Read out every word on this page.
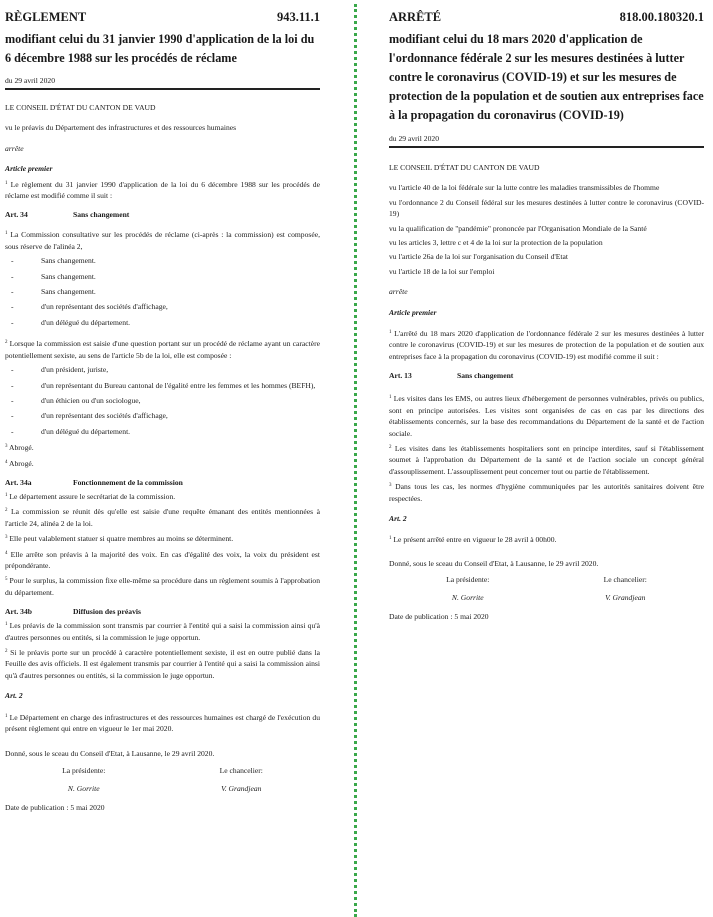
RÈGLEMENT	943.11.1
modifiant celui du 31 janvier 1990 d'application de la loi du 6 décembre 1988 sur les procédés de réclame
du 29 avril 2020
LE CONSEIL D'ÉTAT DU CANTON DE VAUD
vu le préavis du Département des infrastructures et des ressources humaines
arrête
Article premier
$^1$ Le règlement du 31 janvier 1990 d'application de la loi du 6 décembre 1988 sur les procédés de réclame est modifié comme il suit :
Art. 34	Sans changement
$^1$ La Commission consultative sur les procédés de réclame (ci-après : la commission) est composée, sous réserve de l'alinéa 2,
-	Sans changement.
-	Sans changement.
-	Sans changement.
-	d'un représentant des sociétés d'affichage,
-	d'un délégué du département.
$^2$ Lorsque la commission est saisie d'une question portant sur un procédé de réclame ayant un caractère potentiellement sexiste, au sens de l'article 5b de la loi, elle est composée :
-	d'un président, juriste,
-	d'un représentant du Bureau cantonal de l'égalité entre les femmes et les hommes (BEFH),
-	d'un éthicien ou d'un sociologue,
-	d'un représentant des sociétés d'affichage,
-	d'un délégué du département.
$^3$ Abrogé.
$^4$ Abrogé.
Art. 34a	Fonctionnement de la commission
$^1$ Le département assure le secrétariat de la commission.
$^2$ La commission se réunit dès qu'elle est saisie d'une requête émanant des entités mentionnées à l'article 24, alinéa 2 de la loi.
$^3$ Elle peut valablement statuer si quatre membres au moins se déterminent.
$^4$ Elle arrête son préavis à la majorité des voix. En cas d'égalité des voix, la voix du président est prépondérante.
$^5$ Pour le surplus, la commission fixe elle-même sa procédure dans un règlement soumis à l'approbation du département.
Art. 34b	Diffusion des préavis
$^1$ Les préavis de la commission sont transmis par courrier à l'entité qui a saisi la commission ainsi qu'à d'autres personnes ou entités, si la commission le juge opportun.
$^2$ Si le préavis porte sur un procédé à caractère potentiellement sexiste, il est en outre publié dans la Feuille des avis officiels. Il est également transmis par courrier à l'entité qui a saisi la commission ainsi qu'à d'autres personnes ou entités, si la commission le juge opportun.
Art. 2
$^1$ Le Département en charge des infrastructures et des ressources humaines est chargé de l'exécution du présent règlement qui entre en vigueur le 1er mai 2020.
Donné, sous le sceau du Conseil d'Etat, à Lausanne, le 29 avril 2020.
La présidente:
N. Gorrite
Le chancelier:
V. Grandjean
Date de publication : 5 mai 2020
ARRÊTÉ	818.00.180320.1
modifiant celui du 18 mars 2020 d'application de l'ordonnance fédérale 2 sur les mesures destinées à lutter contre le coronavirus (COVID-19) et sur les mesures de protection de la population et de soutien aux entreprises face à la propagation du coronavirus (COVID-19)
du 29 avril 2020
LE CONSEIL D'ÉTAT DU CANTON DE VAUD
vu l'article 40 de la loi fédérale sur la lutte contre les maladies transmissibles de l'homme
vu l'ordonnance 2 du Conseil fédéral sur les mesures destinées à lutter contre le coronavirus (COVID- 19)
vu la qualification de "pandémie" prononcée par l'Organisation Mondiale de la Santé
vu les articles 3, lettre c et 4 de la loi sur la protection de la population
vu l'article 26a de la loi sur l'organisation du Conseil d'Etat
vu l'article 18 de la loi sur l'emploi
arrête
Article premier
$^1$ L'arrêté du 18 mars 2020 d'application de l'ordonnance fédérale 2 sur les mesures destinées à lutter contre le coronavirus (COVID-19) et sur les mesures de protection de la population et de soutien aux entreprises face à la propagation du coronavirus (COVID-19) est modifié comme il suit :
Art. 13	Sans changement
$^1$ Les visites dans les EMS, ou autres lieux d'hébergement de personnes vulnérables, privés ou publics, sont en principe autorisées. Les visites sont organisées de cas en cas par les directions des établissements concernés, sur la base des recommandations du Département de la santé et de l'action sociale.
$^2$ Les visites dans les établissements hospitaliers sont en principe interdites, sauf si l'établissement soumet à l'approbation du Département de la santé et de l'action sociale un concept général d'assouplissement. L'assouplissement peut concerner tout ou partie de l'établissement.
$^3$ Dans tous les cas, les normes d'hygiène communiquées par les autorités sanitaires doivent être respectées.
Art. 2
$^1$ Le présent arrêté entre en vigueur le 28 avril à 00h00.
Donné, sous le sceau du Conseil d'Etat, à Lausanne, le 29 avril 2020.
La présidente:
N. Gorrite
Le chancelier:
V. Grandjean
Date de publication : 5 mai 2020
